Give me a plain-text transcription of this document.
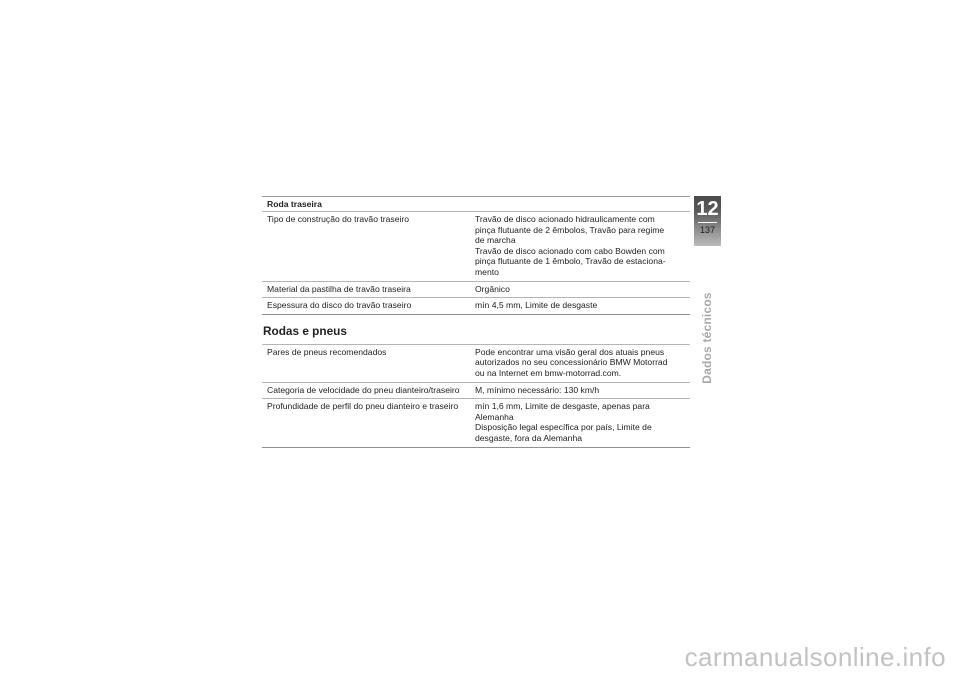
Roda traseira
Tipo de construção do travão traseiro	Travão de disco acionado hidraulicamente com
pinça flutuante de 2 êmbolos, Travão para regime
de marcha
Travão de disco acionado com cabo Bowden com
pinça flutuante de 1 êmbolo, Travão de estaciona-
mento
Material da pastilha de travão traseira	Orgânico
Espessura do disco do travão traseiro	mín 4,5 mm, Limite de desgaste
Rodas e pneus
Pares de pneus recomendados	Pode encontrar uma visão geral dos atuais pneus
autorizados no seu concessionário BMW Motorrad
ou na Internet em bmw-motorrad.com.
Categoria de velocidade do pneu dianteiro/traseiro	M, mínimo necessário: 130 km/h
Profundidade de perfil do pneu dianteiro e traseiro	mín 1,6 mm, Limite de desgaste, apenas para
Alemanha
Disposição legal específica por país, Limite de
desgaste, fora da Alemanha
12
137
Dados técnicos
carmanualsonline.info
